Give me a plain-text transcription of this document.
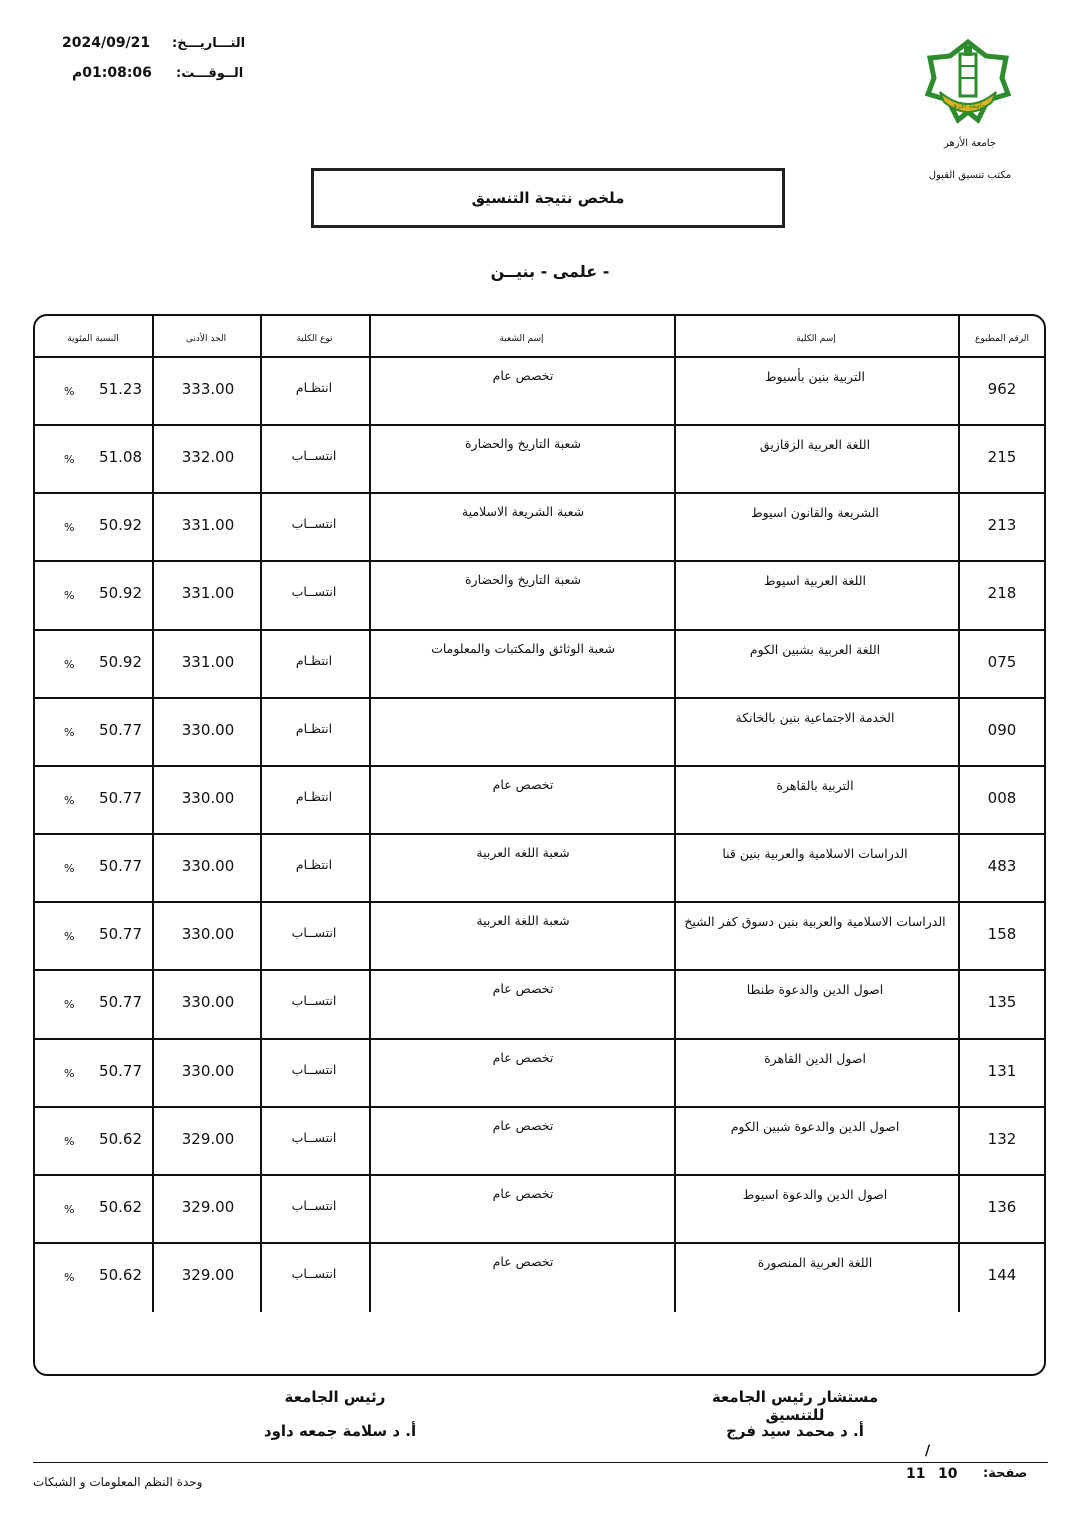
التـــاريـــخ:
2024/09/21
الــوقـــت:
01:08:06م
جامعة الأزهر
جامعة الأزهر
مكتب تنسيق القبول
ملخص نتيجة التنسيق
- علمى - بنيــن
الرقم المطبوع
إسم الكلية
إسم الشعبة
نوع الكلية
الحد الأدنى
النسبة المئوية
962
التربية بنين بأسيوط
تخصص عام
انتظـام
333.00
51.23
%
215
اللغة العربية الزقازيق
شعبة التاريخ والحضارة
انتســاب
332.00
51.08
%
213
الشريعة والقانون اسيوط
شعبة الشريعة الاسلامية
انتســاب
331.00
50.92
%
218
اللغة العربية اسيوط
شعبة التاريخ والحضارة
انتســاب
331.00
50.92
%
075
اللغة العربية بشبين الكوم
شعبة الوثائق والمكتبات والمعلومات
انتظـام
331.00
50.92
%
090
الخدمة الاجتماعية بنين بالخانكة
انتظـام
330.00
50.77
%
008
التربية بالقاهرة
تخصص عام
انتظـام
330.00
50.77
%
483
الدراسات الاسلامية والعربية بنين قنا
شعبة اللغه العربية
انتظـام
330.00
50.77
%
158
الدراسات الاسلامية والعربية بنين دسوق كفر الشيخ
شعبة اللغة العربية
انتســاب
330.00
50.77
%
135
اصول الدين والدعوة طنطا
تخصص عام
انتســاب
330.00
50.77
%
131
اصول الدين القاهرة
تخصص عام
انتســاب
330.00
50.77
%
132
اصول الدين والدعوة شبين الكوم
تخصص عام
انتســاب
329.00
50.62
%
136
اصول الدين والدعوة اسيوط
تخصص عام
انتســاب
329.00
50.62
%
144
اللغة العربية المنصورة
تخصص عام
انتســاب
329.00
50.62
%
مستشار رئيس الجامعة للتنسيق
أ. د محمد سيد فرج
رئيس الجامعة
أ. د سلامة جمعه داود
/
صفحة:
10
11
وحدة النظم المعلومات و الشبكات
